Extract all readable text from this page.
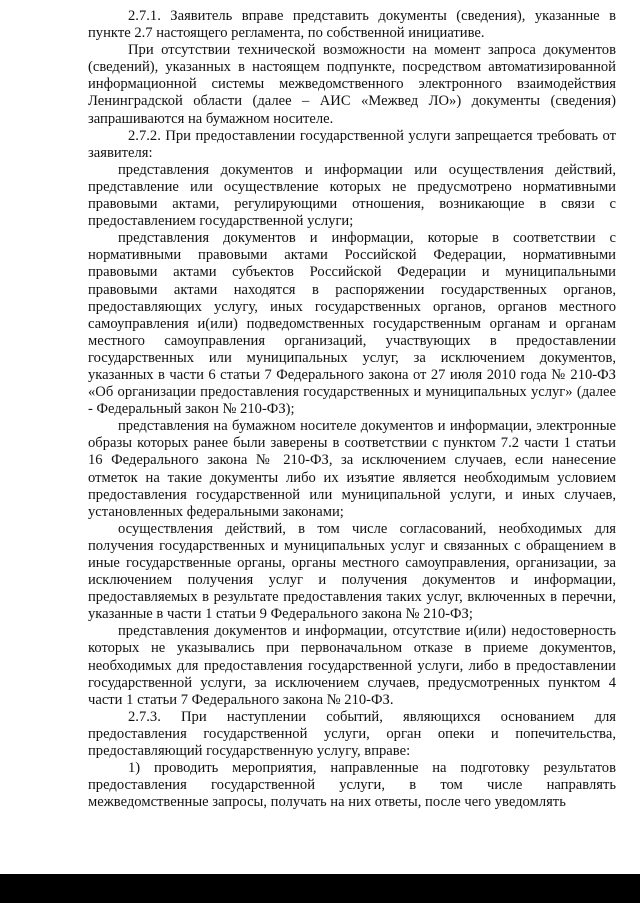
2.7.1. Заявитель вправе представить документы (сведения), указанные в пункте 2.7 настоящего регламента, по собственной инициативе.

При отсутствии технической возможности на момент запроса документов (сведений), указанных в настоящем подпункте, посредством автоматизированной информационной системы межведомственного электронного взаимодействия Ленинградской области (далее – АИС «Межвед ЛО») документы (сведения) запрашиваются на бумажном носителе.

2.7.2. При предоставлении государственной услуги запрещается требовать от заявителя:

представления документов и информации или осуществления действий, представление или осуществление которых не предусмотрено нормативными правовыми актами, регулирующими отношения, возникающие в связи с предоставлением государственной услуги;

представления документов и информации, которые в соответствии с нормативными правовыми актами Российской Федерации, нормативными правовыми актами субъектов Российской Федерации и муниципальными правовыми актами находятся в распоряжении государственных органов, предоставляющих услугу, иных государственных органов, органов местного самоуправления и(или) подведомственных государственным органам и органам местного самоуправления организаций, участвующих в предоставлении государственных или муниципальных услуг, за исключением документов, указанных в части 6 статьи 7 Федерального закона от 27 июля 2010 года № 210-ФЗ «Об организации предоставления государственных и муниципальных услуг» (далее - Федеральный закон № 210-ФЗ);

представления на бумажном носителе документов и информации, электронные образы которых ранее были заверены в соответствии с пунктом 7.2 части 1 статьи 16 Федерального закона № 210-ФЗ, за исключением случаев, если нанесение отметок на такие документы либо их изъятие является необходимым условием предоставления государственной или муниципальной услуги, и иных случаев, установленных федеральными законами;

осуществления действий, в том числе согласований, необходимых для получения государственных и муниципальных услуг и связанных с обращением в иные государственные органы, органы местного самоуправления, организации, за исключением получения услуг и получения документов и информации, предоставляемых в результате предоставления таких услуг, включенных в перечни, указанные в части 1 статьи 9 Федерального закона № 210-ФЗ;

представления документов и информации, отсутствие и(или) недостоверность которых не указывались при первоначальном отказе в приеме документов, необходимых для предоставления государственной услуги, либо в предоставлении государственной услуги, за исключением случаев, предусмотренных пунктом 4 части 1 статьи 7 Федерального закона № 210-ФЗ.

2.7.3. При наступлении событий, являющихся основанием для предоставления государственной услуги, орган опеки и попечительства, предоставляющий государственную услугу, вправе:

1) проводить мероприятия, направленные на подготовку результатов предоставления государственной услуги, в том числе направлять межведомственные запросы, получать на них ответы, после чего уведомлять
